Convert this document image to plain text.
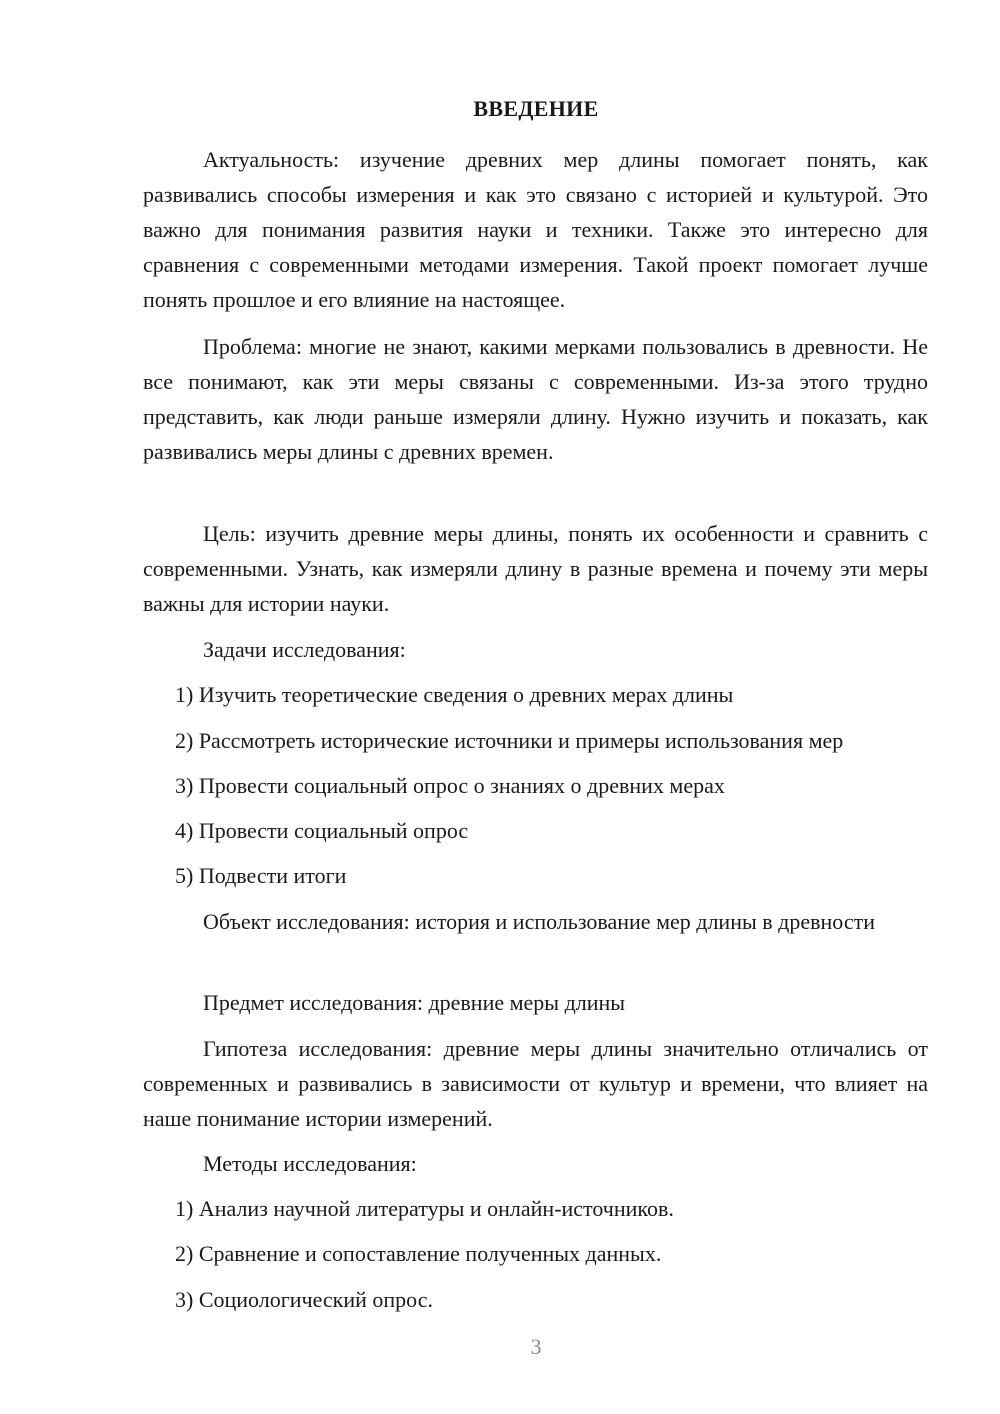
ВВЕДЕНИЕ

Актуальность: изучение древних мер длины помогает понять, как развивались способы измерения и как это связано с историей и культурой. Это важно для понимания развития науки и техники. Также это интересно для сравнения с современными методами измерения. Такой проект помогает лучше понять прошлое и его влияние на настоящее.

Проблема: многие не знают, какими мерками пользовались в древности. Не все понимают, как эти меры связаны с современными. Из-за этого трудно представить, как люди раньше измеряли длину. Нужно изучить и показать, как развивались меры длины с древних времен.

Цель: изучить древние меры длины, понять их особенности и сравнить с современными. Узнать, как измеряли длину в разные времена и почему эти меры важны для истории науки.

Задачи исследования:

1) Изучить теоретические сведения о древних мерах длины

2) Рассмотреть исторические источники и примеры использования мер

3) Провести социальный опрос о знаниях о древних мерах

4) Провести социальный опрос

5) Подвести итоги

Объект исследования: история и использование мер длины в древности

Предмет исследования: древние меры длины

Гипотеза исследования: древние меры длины значительно отличались от современных и развивались в зависимости от культур и времени, что влияет на наше понимание истории измерений.

Методы исследования:

1) Анализ научной литературы и онлайн-источников.

2) Сравнение и сопоставление полученных данных.

3) Социологический опрос.

3
